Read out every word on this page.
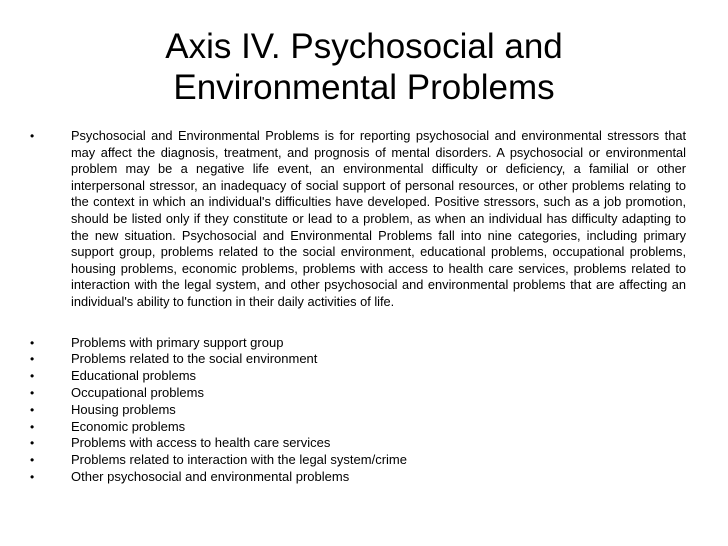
Axis IV. Psychosocial and
Environmental Problems
•	Psychosocial and Environmental Problems is for reporting psychosocial and environmental stressors that may affect the diagnosis, treatment, and prognosis of mental disorders. A psychosocial or environmental problem may be a negative life event, an environmental difficulty or deficiency, a familial or other interpersonal stressor, an inadequacy of social support of personal resources, or other problems relating to the context in which an individual's difficulties have developed. Positive stressors, such as a job promotion, should be listed only if they constitute or lead to a problem, as when an individual has difficulty adapting to the new situation. Psychosocial and Environmental Problems fall into nine categories, including primary support group, problems related to the social environment, educational problems, occupational problems, housing problems, economic problems, problems with access to health care services, problems related to interaction with the legal system, and other psychosocial and environmental problems that are affecting an individual's ability to function in their daily activities of life.
•	Problems with primary support group
•	Problems related to the social environment
•	Educational problems
•	Occupational problems
•	Housing problems
•	Economic problems
•	Problems with access to health care services
•	Problems related to interaction with the legal system/crime
•	Other psychosocial and environmental problems
